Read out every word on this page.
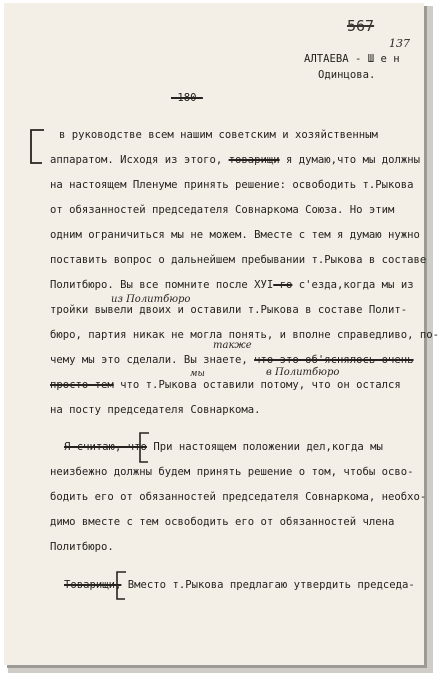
567
137
АЛТАЕВА - Ш е н
Одинцова.
-180-
в руководстве всем нашим советским и хозяйственным
аппаратом. Исходя из этого, товарищи я думаю,что мы должны
на настоящем Пленуме принять решение: освободить т.Рыкова
от обязанностей председателя Совнаркома Союза. Но этим
одним ограничиться мы не можем. Вместе с тем я думаю нужно
поставить вопрос о дальнейшем пребывании т.Рыкова в составе
Политбюро. Вы все помните после ХУI-го с'езда,когда мы из
из Политбюро
тройки вывели двоих и оставили т.Рыкова в составе Полит-
бюро, партия никак не могла понять, и вполне справедливо, по-
также
чему мы это сделали. Вы знаете, что это об'яснялось очень
мы	в Политбюро
просто тем что т.Рыкова оставили потому, что он остался
на посту председателя Совнаркома.
Я считаю, что При настоящем положении дел,когда мы
неизбежно должны будем принять решение о том, чтобы осво-
бодить его от обязанностей председателя Совнаркома, необхо-
димо вместе с тем освободить его от обязанностей члена
Политбюро.
Товарищи, Вместо т.Рыкова предлагаю утвердить председа-
